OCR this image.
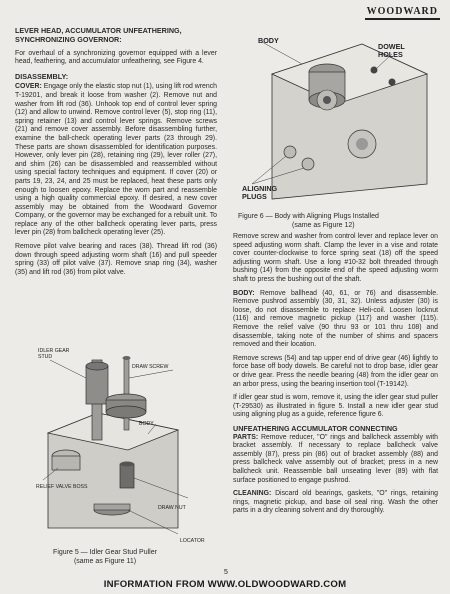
WOODWARD
LEVER HEAD, ACCUMULATOR UNFEATHERING,
SYNCHRONIZING GOVERNOR:

For overhaul of a synchronizing governor equipped with a lever head, feathering, and accumulator unfeathering, see Figure 4.

DISASSEMBLY:

COVER: Engage only the elastic stop nut (1), using lift rod wrench T-19201, and break it loose from washer (2). Remove nut and washer from lift rod (36). Unhook top end of control lever spring (12) and allow to unwind. Remove control lever (5), stop ring (11), spring retainer (13) and control lever springs. Remove screws (21) and remove cover assembly. Before disassembling further, examine the ball-check operating lever parts (23 through 29). These parts are shown disassembled for identification purposes. However, only lever pin (28), retaining ring (29), lever roller (27), and shim (26) can be disassembled and reassembled without using special factory techniques and equipment. If cover (20) or parts 19, 23, 24, and 25 must be replaced, heat these parts only enough to loosen epoxy. Replace the worn part and reassemble using a high quality commercial epoxy. If desired, a new cover assembly may be obtained from the Woodward Governor Company, or the governor may be exchanged for a rebuilt unit. To replace any of the other ballcheck operating lever parts, press lever pin (28) from ballcheck operating lever (25).

Remove pilot valve bearing and races (38). Thread lift rod (36) down through speed adjusting worm shaft (16) and pull speeder spring (33) off pilot valve (37). Remove snap ring (34), washer (35) and lift rod (36) from pilot valve.

IDLER GEAR STUD
DRAW SCREW
BODY
RELIEF VALVE BOSS
DRAW NUT
LOCATOR
Figure 5 — Idler Gear Stud Puller
(same as Figure 11)
BODY
DOWEL HOLES
ALIGNING PLUGS
Figure 6 — Body with Aligning Plugs Installed
(same as Figure 12)

Remove screw and washer from control lever and replace lever on speed adjusting worm shaft. Clamp the lever in a vise and rotate cover counter-clockwise to force spring seat (18) off the speed adjusting worm shaft. Use a long #10-32 bolt threaded through bushing (14) from the opposite end of the speed adjusting worm shaft to press the bushing out of the shaft.

BODY: Remove ballhead (40, 61, or 76) and disassemble. Remove pushrod assembly (30, 31, 32). Unless adjuster (30) is loose, do not disassemble to replace Heli-coil. Loosen locknut (116) and remove magnetic pickup (117) and washer (115). Remove the relief valve (90 thru 93 or 101 thru 108) and disassemble, taking note of the number of shims and spacers removed and their location.

Remove screws (54) and tap upper end of drive gear (46) lightly to force base off body dowels. Be careful not to drop base, idler gear or drive gear. Press the needle bearing (48) from the idler gear on an arbor press, using the bearing insertion tool (T-19142).

If idler gear stud is worn, remove it, using the idler gear stud puller (T-29530) as illustrated in figure 5. Install a new idler gear stud using aligning plug as a guide, reference figure 6.

UNFEATHERING ACCUMULATOR CONNECTING

PARTS: Remove reducer, "O" rings and ballcheck assembly with bracket assembly. If necessary to replace ballcheck valve assembly (87), press pin (86) out of bracket assembly (88) and press ballcheck valve assembly out of bracket; press in a new ballcheck unit. Reassemble ball unseating lever (89) with flat surface positioned to engage pushrod.

CLEANING: Discard old bearings, gaskets, "O" rings, retaining rings, magnetic pickup, and base oil seal ring. Wash the other parts in a dry cleaning solvent and dry thoroughly.

5
INFORMATION FROM WWW.OLDWOODWARD.COM
